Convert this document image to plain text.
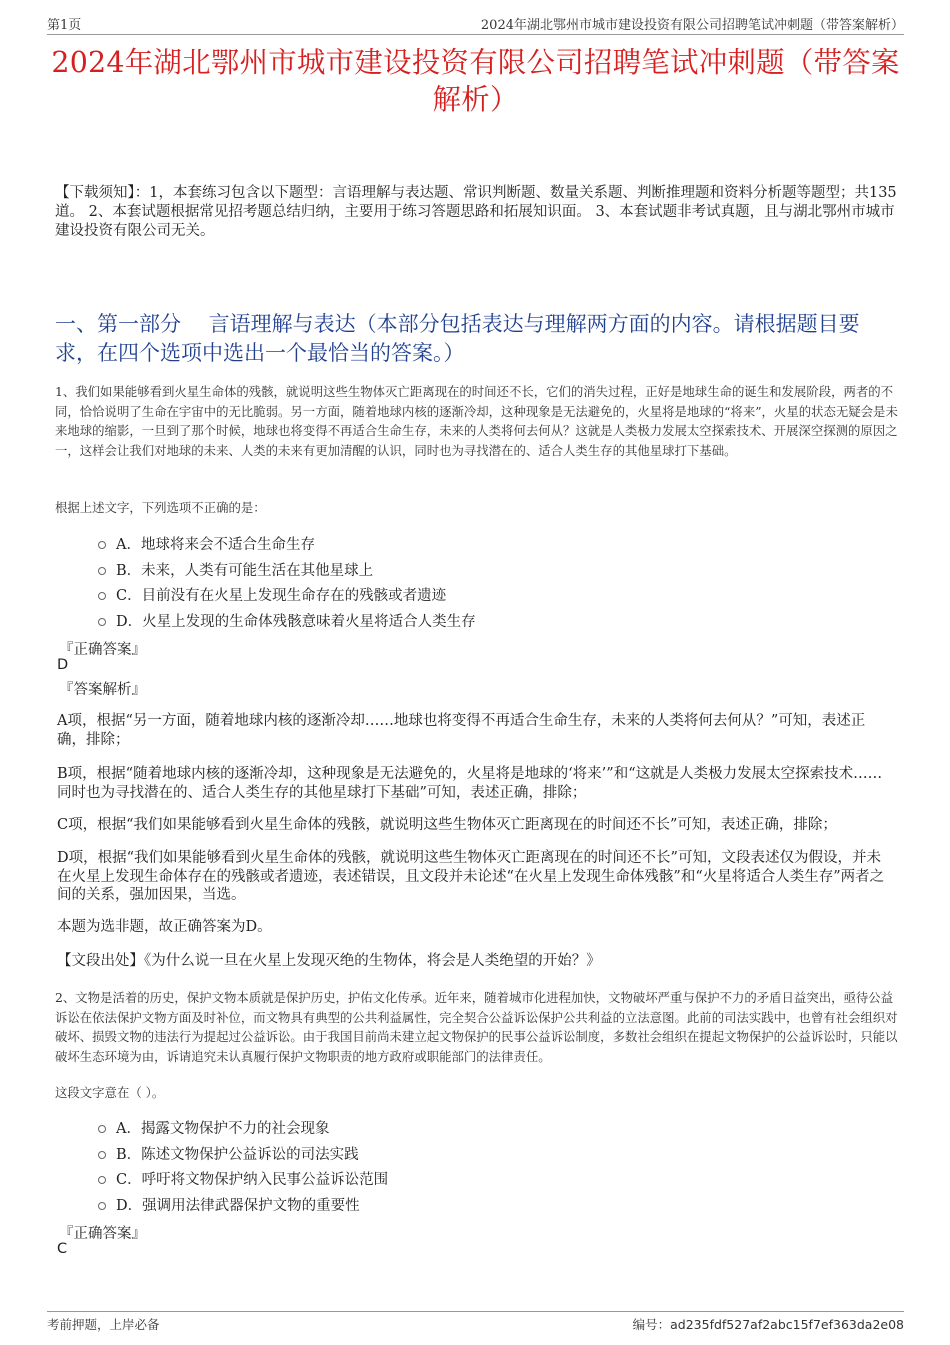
第1页	2024年湖北鄂州市城市建设投资有限公司招聘笔试冲刺题（带答案解析）
2024年湖北鄂州市城市建设投资有限公司招聘笔试冲刺题（带答案解析）
【下载须知】：1，本套练习包含以下题型：言语理解与表达题、常识判断题、数量关系题、判断推理题和资料分析题等题型；共135道。 2、本套试题根据常见招考题总结归纳，主要用于练习答题思路和拓展知识面。 3、本套试题非考试真题，且与湖北鄂州市城市建设投资有限公司无关。
一、第一部分　 言语理解与表达（本部分包括表达与理解两方面的内容。请根据题目要求，在四个选项中选出一个最恰当的答案。）
1、我们如果能够看到火星生命体的残骸，就说明这些生物体灭亡距离现在的时间还不长，它们的消失过程，正好是地球生命的诞生和发展阶段，两者的不同，恰恰说明了生命在宇宙中的无比脆弱。另一方面，随着地球内核的逐渐冷却，这种现象是无法避免的，火星将是地球的“将来”，火星的状态无疑会是未来地球的缩影，一旦到了那个时候，地球也将变得不再适合生命生存，未来的人类将何去何从？这就是人类极力发展太空探索技术、开展深空探测的原因之一，这样会让我们对地球的未来、人类的未来有更加清醒的认识，同时也为寻找潜在的、适合人类生存的其他星球打下基础。
根据上述文字，下列选项不正确的是：
A．地球将来会不适合生命生存
B．未来，人类有可能生活在其他星球上
C．目前没有在火星上发现生命存在的残骸或者遗迹
D．火星上发现的生命体残骸意味着火星将适合人类生存
『正确答案』
D
『答案解析』
A项，根据“另一方面，随着地球内核的逐渐冷却……地球也将变得不再适合生命生存，未来的人类将何去何从？”可知，表述正确，排除；
B项，根据“随着地球内核的逐渐冷却，这种现象是无法避免的，火星将是地球的‘将来’”和“这就是人类极力发展太空探索技术……同时也为寻找潜在的、适合人类生存的其他星球打下基础”可知，表述正确，排除；
C项，根据“我们如果能够看到火星生命体的残骸，就说明这些生物体灭亡距离现在的时间还不长”可知，表述正确，排除；
D项，根据“我们如果能够看到火星生命体的残骸，就说明这些生物体灭亡距离现在的时间还不长”可知，文段表述仅为假设，并未在火星上发现生命体存在的残骸或者遗迹，表述错误，且文段并未论述“在火星上发现生命体残骸”和“火星将适合人类生存”两者之间的关系，强加因果，当选。
本题为选非题，故正确答案为D。
【文段出处】《为什么说一旦在火星上发现灭绝的生物体，将会是人类绝望的开始？》
2、文物是活着的历史，保护文物本质就是保护历史，护佑文化传承。近年来，随着城市化进程加快，文物破坏严重与保护不力的矛盾日益突出，亟待公益诉讼在依法保护文物方面及时补位，而文物具有典型的公共利益属性，完全契合公益诉讼保护公共利益的立法意图。此前的司法实践中，也曾有社会组织对破坏、损毁文物的违法行为提起过公益诉讼。由于我国目前尚未建立起文物保护的民事公益诉讼制度，多数社会组织在提起文物保护的公益诉讼时，只能以破坏生态环境为由，诉请追究未认真履行保护文物职责的地方政府或职能部门的法律责任。
这段文字意在（ ）。
A．揭露文物保护不力的社会现象
B．陈述文物保护公益诉讼的司法实践
C．呼吁将文物保护纳入民事公益诉讼范围
D．强调用法律武器保护文物的重要性
『正确答案』
C
考前押题，上岸必备	编号：ad235fdf527af2abc15f7ef363da2e08
